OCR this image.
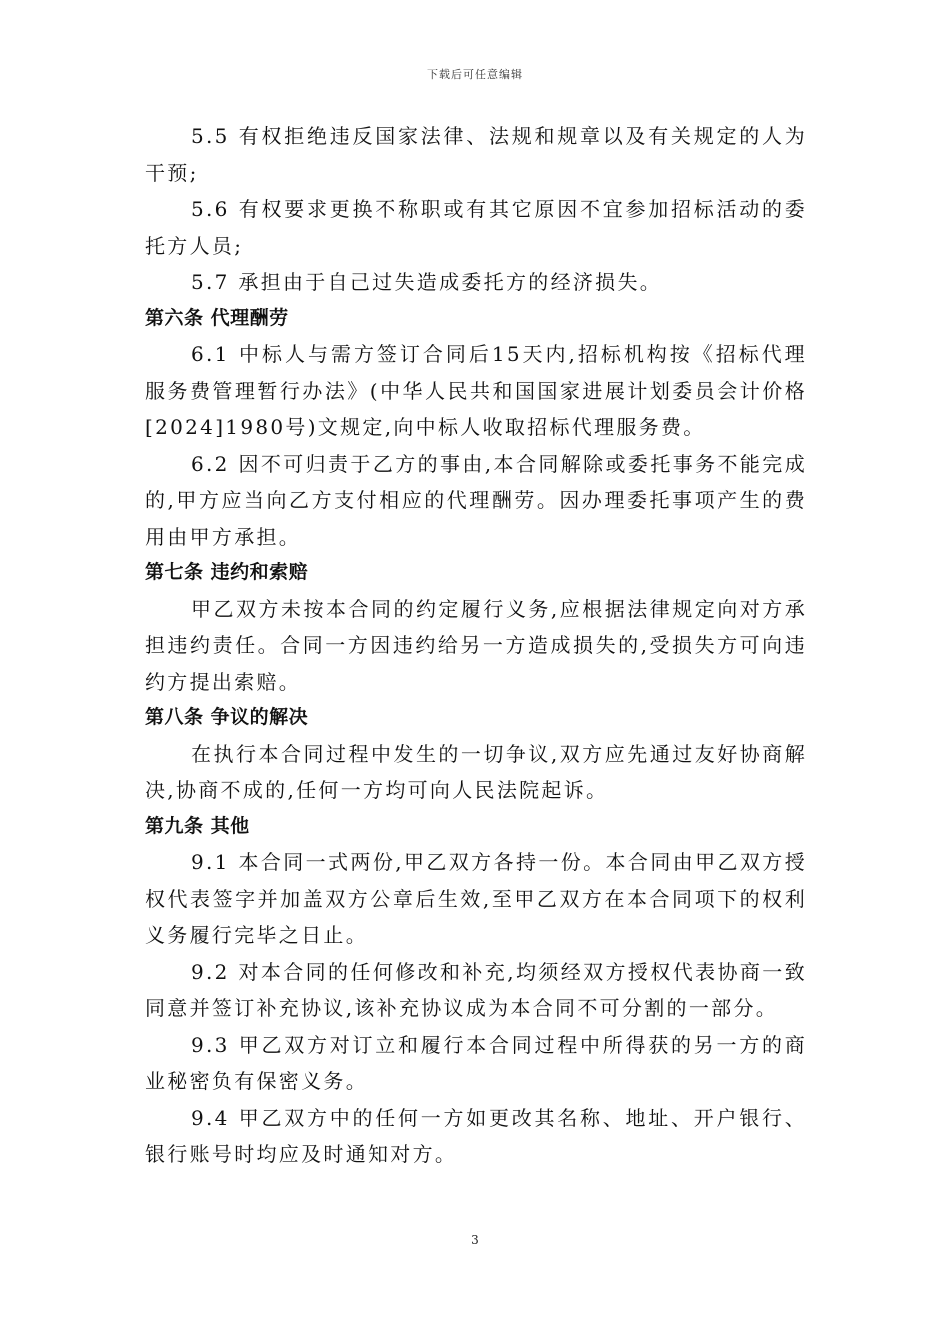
下载后可任意编辑

5.5 有权拒绝违反国家法律、法规和规章以及有关规定的人为干预;

5.6 有权要求更换不称职或有其它原因不宜参加招标活动的委托方人员;

5.7 承担由于自己过失造成委托方的经济损失。

第六条 代理酬劳

6.1 中标人与需方签订合同后15天内,招标机构按《招标代理服务费管理暂行办法》(中华人民共和国国家进展计划委员会计价格[2024]1980号)文规定,向中标人收取招标代理服务费。

6.2 因不可归责于乙方的事由,本合同解除或委托事务不能完成的,甲方应当向乙方支付相应的代理酬劳。因办理委托事项产生的费用由甲方承担。

第七条 违约和索赔

甲乙双方未按本合同的约定履行义务,应根据法律规定向对方承担违约责任。合同一方因违约给另一方造成损失的,受损失方可向违约方提出索赔。

第八条 争议的解决

在执行本合同过程中发生的一切争议,双方应先通过友好协商解决,协商不成的,任何一方均可向人民法院起诉。

第九条 其他

9.1 本合同一式两份,甲乙双方各持一份。本合同由甲乙双方授权代表签字并加盖双方公章后生效,至甲乙双方在本合同项下的权利义务履行完毕之日止。

9.2 对本合同的任何修改和补充,均须经双方授权代表协商一致同意并签订补充协议,该补充协议成为本合同不可分割的一部分。

9.3 甲乙双方对订立和履行本合同过程中所得获的另一方的商业秘密负有保密义务。

9.4 甲乙双方中的任何一方如更改其名称、地址、开户银行、银行账号时均应及时通知对方。

3
